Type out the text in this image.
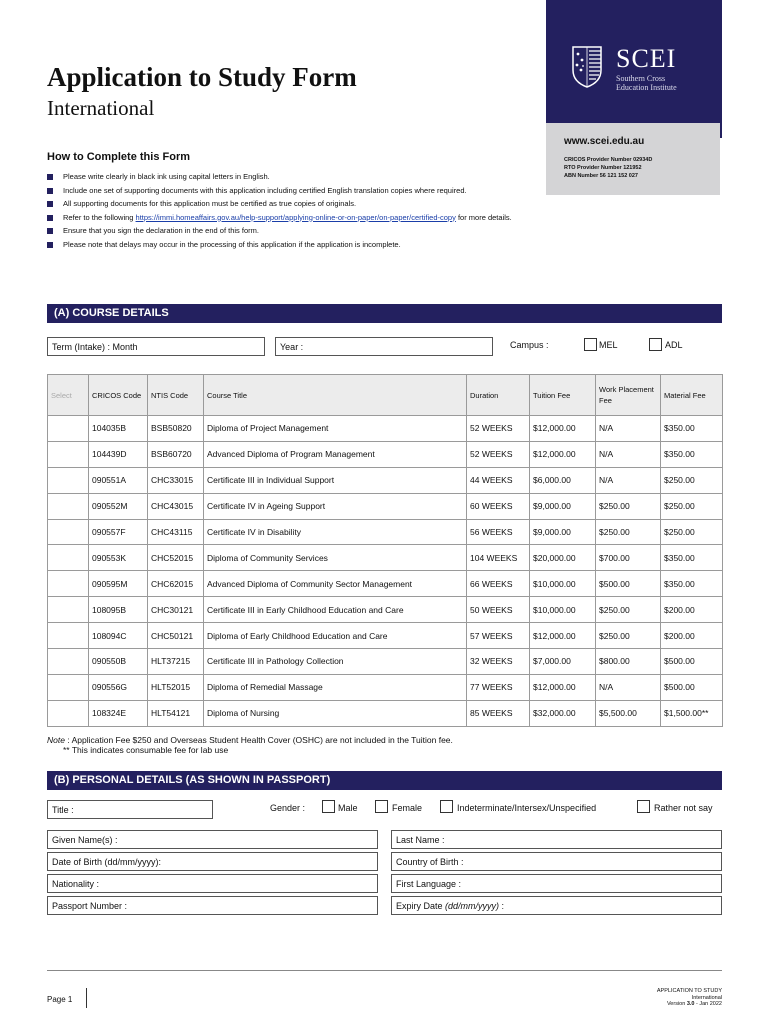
Application to Study Form
International
SCEI
Southern Cross
Education Institute
www.scei.edu.au
CRICOS Provider Number 02934D
RTO Provider Number 121952
ABN Number 56 121 152 027
How to Complete this Form
Please write clearly in black ink using capital letters in English.
Include one set of supporting documents with this application including certified English translation copies where required.
All supporting documents for this application must be certified as true copies of originals.
Refer to the following https://immi.homeaffairs.gov.au/help-support/applying-online-or-on-paper/on-paper/certified-copy for more details.
Ensure that you sign the declaration in the end of this form.
Please note that delays may occur in the processing of this application if the application is incomplete.
(A) COURSE DETAILS
Term (Intake) : Month	Year :	Campus :	MEL	ADL
Select	CRICOS Code	NTIS Code	Course Title	Duration	Tuition Fee	Work Placement Fee	Material Fee
	104035B	BSB50820	Diploma of Project Management	52 WEEKS	$12,000.00	N/A	$350.00
	104439D	BSB60720	Advanced Diploma of Program Management	52 WEEKS	$12,000.00	N/A	$350.00
	090551A	CHC33015	Certificate III in Individual Support	44 WEEKS	$6,000.00	N/A	$250.00
	090552M	CHC43015	Certificate IV in Ageing Support	60 WEEKS	$9,000.00	$250.00	$250.00
	090557F	CHC43115	Certificate IV in Disability	56 WEEKS	$9,000.00	$250.00	$250.00
	090553K	CHC52015	Diploma of Community Services	104 WEEKS	$20,000.00	$700.00	$350.00
	090595M	CHC62015	Advanced Diploma of Community Sector Management	66 WEEKS	$10,000.00	$500.00	$350.00
	108095B	CHC30121	Certificate III in Early Childhood Education and Care	50 WEEKS	$10,000.00	$250.00	$200.00
	108094C	CHC50121	Diploma of Early Childhood Education and Care	57 WEEKS	$12,000.00	$250.00	$200.00
	090550B	HLT37215	Certificate III in Pathology Collection	32 WEEKS	$7,000.00	$800.00	$500.00
	090556G	HLT52015	Diploma of Remedial Massage	77 WEEKS	$12,000.00	N/A	$500.00
	108324E	HLT54121	Diploma of Nursing	85 WEEKS	$32,000.00	$5,500.00	$1,500.00**
Note : Application Fee $250 and Overseas Student Health Cover (OSHC) are not included in the Tuition fee.
** This indicates consumable fee for lab use
(B) PERSONAL DETAILS (AS SHOWN IN PASSPORT)
Title :	Gender :	Male	Female	Indeterminate/Intersex/Unspecified	Rather not say
Given Name(s) :	Last Name :
Date of Birth (dd/mm/yyyy):	Country of Birth :
Nationality :	First Language :
Passport Number :	Expiry Date (dd/mm/yyyy) :
Page 1
APPLICATION TO STUDY
International
Version 3.0 - Jan 2022
